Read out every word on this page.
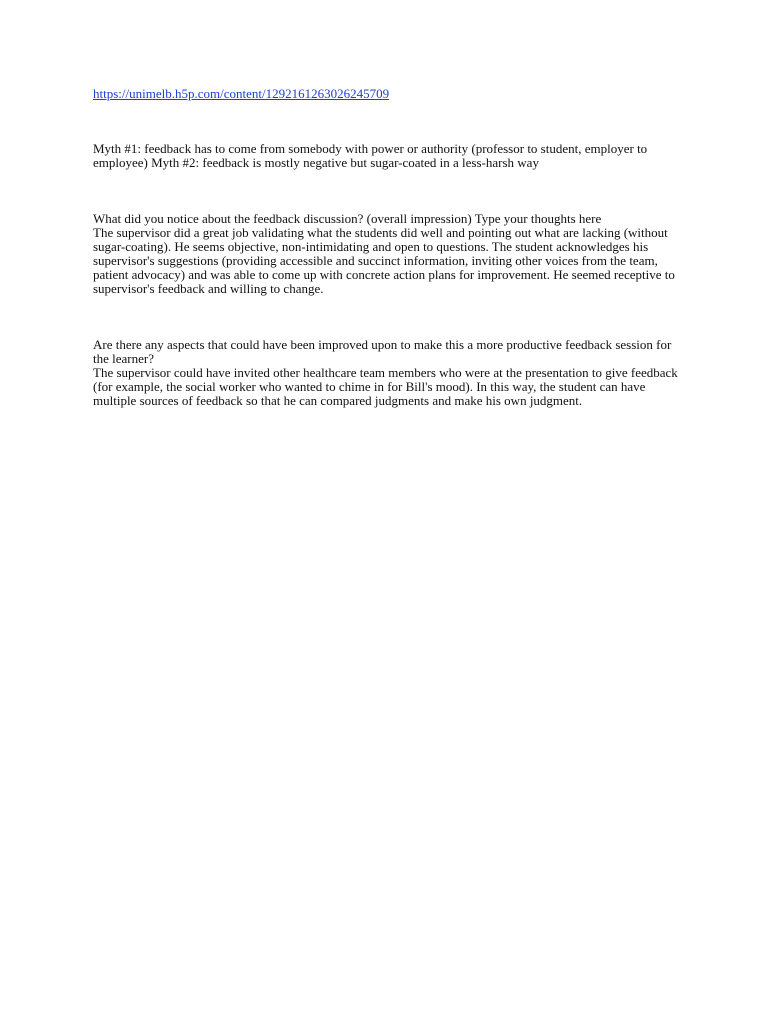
https://unimelb.h5p.com/content/1292161263026245709

Myth #1: feedback has to come from somebody with power or authority (professor to student, employer to employee) Myth #2: feedback is mostly negative but sugar-coated in a less-harsh way

What did you notice about the feedback discussion? (overall impression) Type your thoughts here

The supervisor did a great job validating what the students did well and pointing out what are lacking (without sugar-coating). He seems objective, non-intimidating and open to questions. The student acknowledges his supervisor's suggestions (providing accessible and succinct information, inviting other voices from the team, patient advocacy) and was able to come up with concrete action plans for improvement. He seemed receptive to supervisor's feedback and willing to change.

Are there any aspects that could have been improved upon to make this a more productive feedback session for the learner?

The supervisor could have invited other healthcare team members who were at the presentation to give feedback (for example, the social worker who wanted to chime in for Bill's mood). In this way, the student can have multiple sources of feedback so that he can compared judgments and make his own judgment.
